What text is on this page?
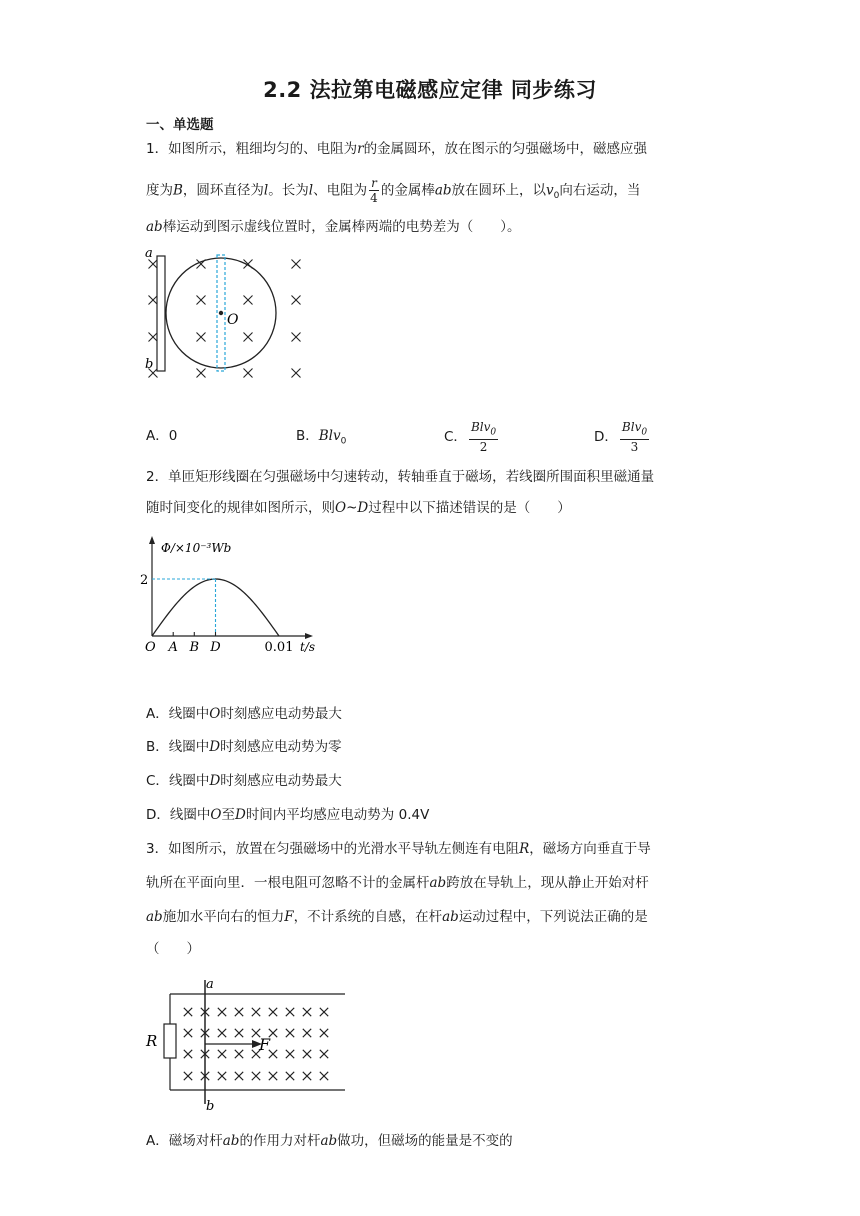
2.2 法拉第电磁感应定律 同步练习
一、单选题
1．如图所示，粗细均匀的、电阻为r的金属圆环，放在图示的匀强磁场中，磁感应强
度为B，圆环直径为l。长为l、电阻为 $\frac{r}{4}$ 的金属棒ab放在圆环上，以$v_0$向右运动，当
ab棒运动到图示虚线位置时，金属棒两端的电势差为（　　）。
a
b
O
A．0	B．Blv$_0$	C． $\frac{Blv_0}{2}$	D． $\frac{Blv_0}{3}$
2．单匝矩形线圈在匀强磁场中匀速转动，转轴垂直于磁场，若线圈所围面积里磁通量
随时间变化的规律如图所示，则O~D过程中以下描述错误的是（　　）
Φ/×10⁻³Wb
t/s
2
O A B D	0.01
A．线圈中O时刻感应电动势最大
B．线圈中D时刻感应电动势为零
C．线圈中D时刻感应电动势最大
D．线圈中O至D时间内平均感应电动势为 0.4V
3．如图所示，放置在匀强磁场中的光滑水平导轨左侧连有电阻R，磁场方向垂直于导
轨所在平面向里．一根电阻可忽略不计的金属杆ab跨放在导轨上，现从静止开始对杆
ab施加水平向右的恒力F，不计系统的自感，在杆ab运动过程中，下列说法正确的是
（　　）
R	F
a
b
A．磁场对杆ab的作用力对杆ab做功，但磁场的能量是不变的
